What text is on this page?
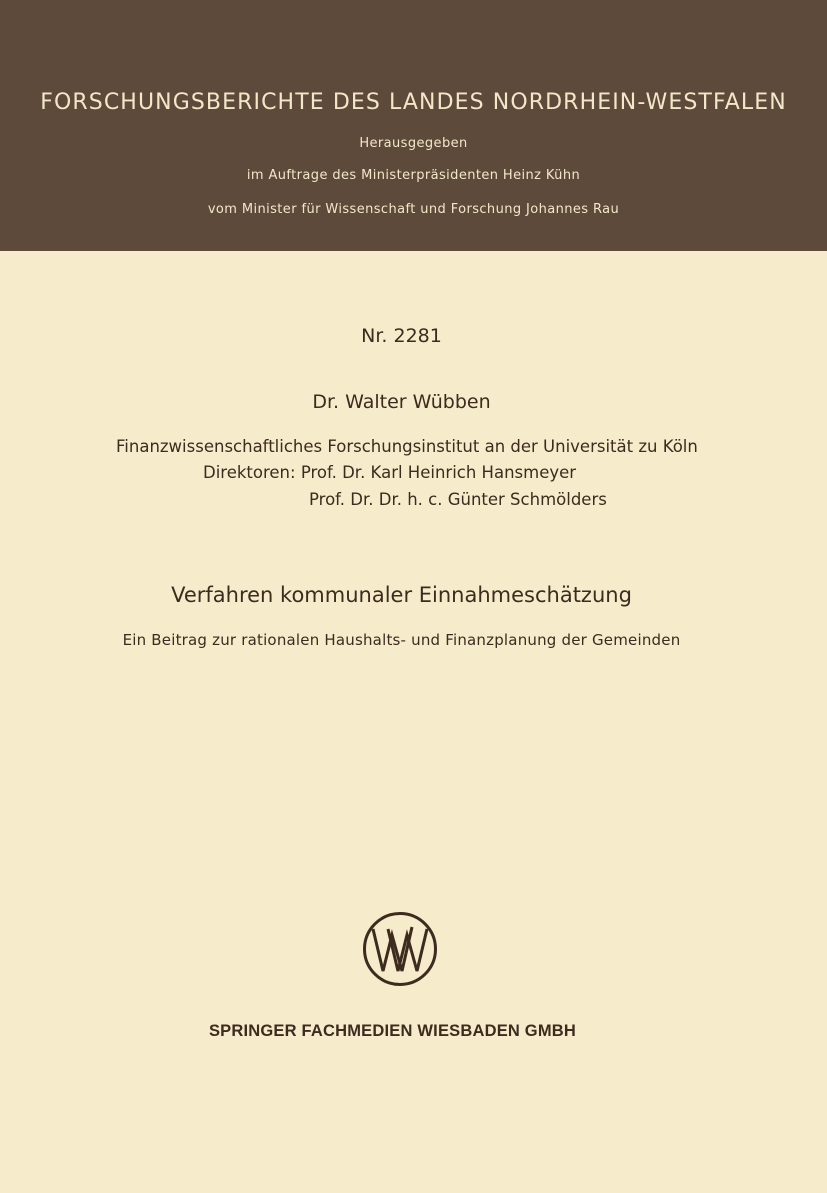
FORSCHUNGSBERICHTE DES LANDES NORDRHEIN-WESTFALEN
Herausgegeben
im Auftrage des Ministerpräsidenten Heinz Kühn
vom Minister für Wissenschaft und Forschung Johannes Rau
Nr. 2281
Dr. Walter Wübben
Finanzwissenschaftliches Forschungsinstitut an der Universität zu Köln
Direktoren: Prof. Dr. Karl Heinrich Hansmeyer
Prof. Dr. Dr. h. c. Günter Schmölders
Verfahren kommunaler Einnahmeschätzung
Ein Beitrag zur rationalen Haushalts- und Finanzplanung der Gemeinden
SPRINGER FACHMEDIEN WIESBADEN GMBH
